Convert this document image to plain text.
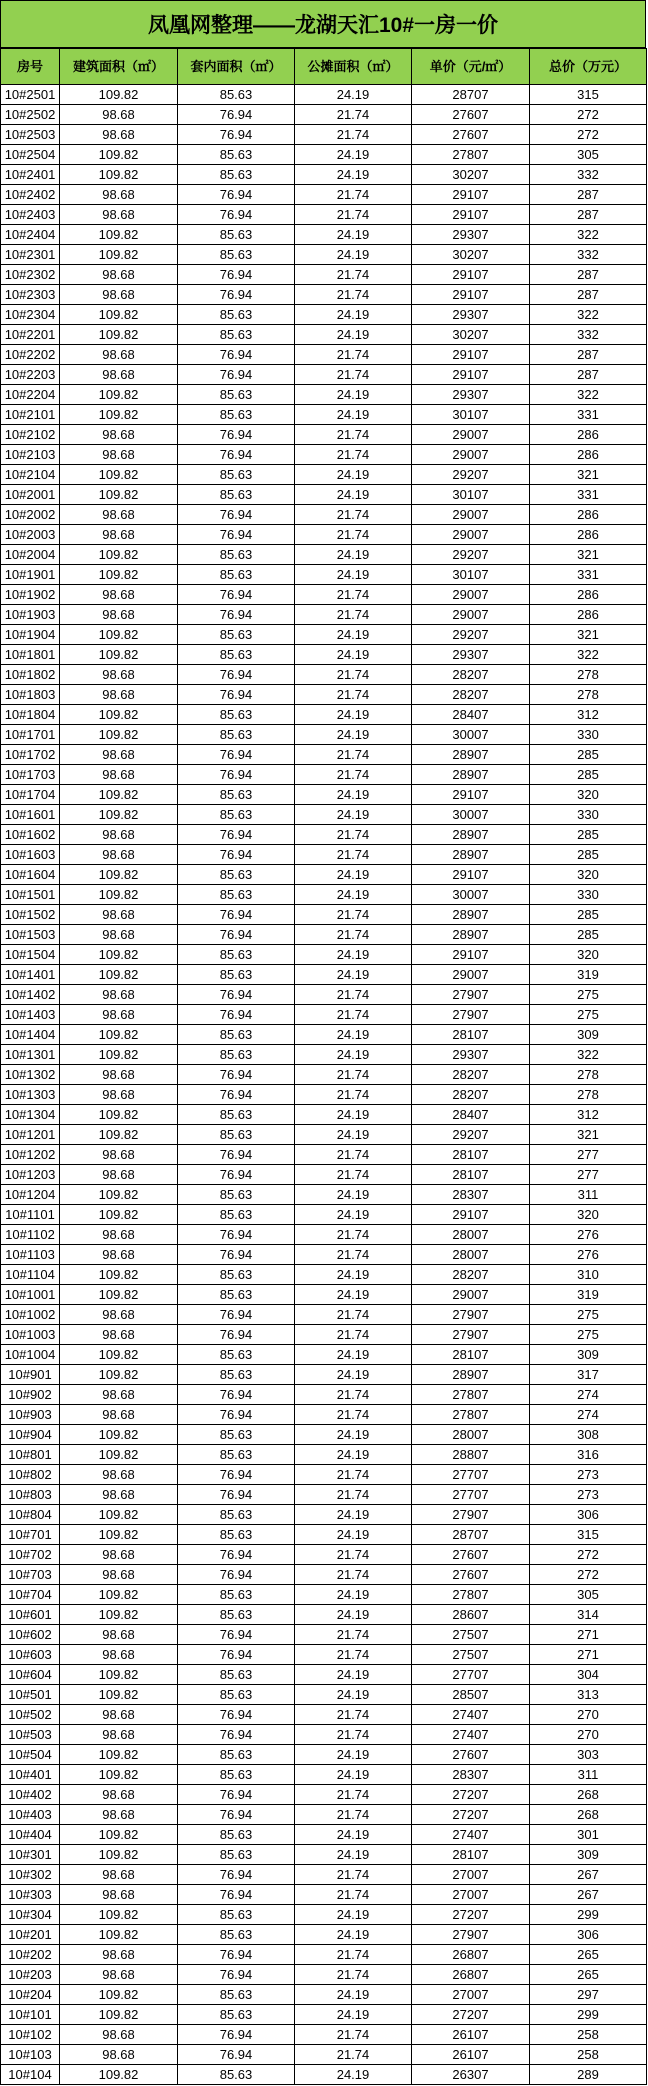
凤凰网整理——龙湖天汇10#一房一价
房号	建筑面积（㎡）	套内面积（㎡）	公摊面积（㎡）	单价（元/㎡）	总价（万元）
10#2501	109.82	85.63	24.19	28707	315
10#2502	98.68	76.94	21.74	27607	272
10#2503	98.68	76.94	21.74	27607	272
10#2504	109.82	85.63	24.19	27807	305
10#2401	109.82	85.63	24.19	30207	332
10#2402	98.68	76.94	21.74	29107	287
10#2403	98.68	76.94	21.74	29107	287
10#2404	109.82	85.63	24.19	29307	322
10#2301	109.82	85.63	24.19	30207	332
10#2302	98.68	76.94	21.74	29107	287
10#2303	98.68	76.94	21.74	29107	287
10#2304	109.82	85.63	24.19	29307	322
10#2201	109.82	85.63	24.19	30207	332
10#2202	98.68	76.94	21.74	29107	287
10#2203	98.68	76.94	21.74	29107	287
10#2204	109.82	85.63	24.19	29307	322
10#2101	109.82	85.63	24.19	30107	331
10#2102	98.68	76.94	21.74	29007	286
10#2103	98.68	76.94	21.74	29007	286
10#2104	109.82	85.63	24.19	29207	321
10#2001	109.82	85.63	24.19	30107	331
10#2002	98.68	76.94	21.74	29007	286
10#2003	98.68	76.94	21.74	29007	286
10#2004	109.82	85.63	24.19	29207	321
10#1901	109.82	85.63	24.19	30107	331
10#1902	98.68	76.94	21.74	29007	286
10#1903	98.68	76.94	21.74	29007	286
10#1904	109.82	85.63	24.19	29207	321
10#1801	109.82	85.63	24.19	29307	322
10#1802	98.68	76.94	21.74	28207	278
10#1803	98.68	76.94	21.74	28207	278
10#1804	109.82	85.63	24.19	28407	312
10#1701	109.82	85.63	24.19	30007	330
10#1702	98.68	76.94	21.74	28907	285
10#1703	98.68	76.94	21.74	28907	285
10#1704	109.82	85.63	24.19	29107	320
10#1601	109.82	85.63	24.19	30007	330
10#1602	98.68	76.94	21.74	28907	285
10#1603	98.68	76.94	21.74	28907	285
10#1604	109.82	85.63	24.19	29107	320
10#1501	109.82	85.63	24.19	30007	330
10#1502	98.68	76.94	21.74	28907	285
10#1503	98.68	76.94	21.74	28907	285
10#1504	109.82	85.63	24.19	29107	320
10#1401	109.82	85.63	24.19	29007	319
10#1402	98.68	76.94	21.74	27907	275
10#1403	98.68	76.94	21.74	27907	275
10#1404	109.82	85.63	24.19	28107	309
10#1301	109.82	85.63	24.19	29307	322
10#1302	98.68	76.94	21.74	28207	278
10#1303	98.68	76.94	21.74	28207	278
10#1304	109.82	85.63	24.19	28407	312
10#1201	109.82	85.63	24.19	29207	321
10#1202	98.68	76.94	21.74	28107	277
10#1203	98.68	76.94	21.74	28107	277
10#1204	109.82	85.63	24.19	28307	311
10#1101	109.82	85.63	24.19	29107	320
10#1102	98.68	76.94	21.74	28007	276
10#1103	98.68	76.94	21.74	28007	276
10#1104	109.82	85.63	24.19	28207	310
10#1001	109.82	85.63	24.19	29007	319
10#1002	98.68	76.94	21.74	27907	275
10#1003	98.68	76.94	21.74	27907	275
10#1004	109.82	85.63	24.19	28107	309
10#901	109.82	85.63	24.19	28907	317
10#902	98.68	76.94	21.74	27807	274
10#903	98.68	76.94	21.74	27807	274
10#904	109.82	85.63	24.19	28007	308
10#801	109.82	85.63	24.19	28807	316
10#802	98.68	76.94	21.74	27707	273
10#803	98.68	76.94	21.74	27707	273
10#804	109.82	85.63	24.19	27907	306
10#701	109.82	85.63	24.19	28707	315
10#702	98.68	76.94	21.74	27607	272
10#703	98.68	76.94	21.74	27607	272
10#704	109.82	85.63	24.19	27807	305
10#601	109.82	85.63	24.19	28607	314
10#602	98.68	76.94	21.74	27507	271
10#603	98.68	76.94	21.74	27507	271
10#604	109.82	85.63	24.19	27707	304
10#501	109.82	85.63	24.19	28507	313
10#502	98.68	76.94	21.74	27407	270
10#503	98.68	76.94	21.74	27407	270
10#504	109.82	85.63	24.19	27607	303
10#401	109.82	85.63	24.19	28307	311
10#402	98.68	76.94	21.74	27207	268
10#403	98.68	76.94	21.74	27207	268
10#404	109.82	85.63	24.19	27407	301
10#301	109.82	85.63	24.19	28107	309
10#302	98.68	76.94	21.74	27007	267
10#303	98.68	76.94	21.74	27007	267
10#304	109.82	85.63	24.19	27207	299
10#201	109.82	85.63	24.19	27907	306
10#202	98.68	76.94	21.74	26807	265
10#203	98.68	76.94	21.74	26807	265
10#204	109.82	85.63	24.19	27007	297
10#101	109.82	85.63	24.19	27207	299
10#102	98.68	76.94	21.74	26107	258
10#103	98.68	76.94	21.74	26107	258
10#104	109.82	85.63	24.19	26307	289
